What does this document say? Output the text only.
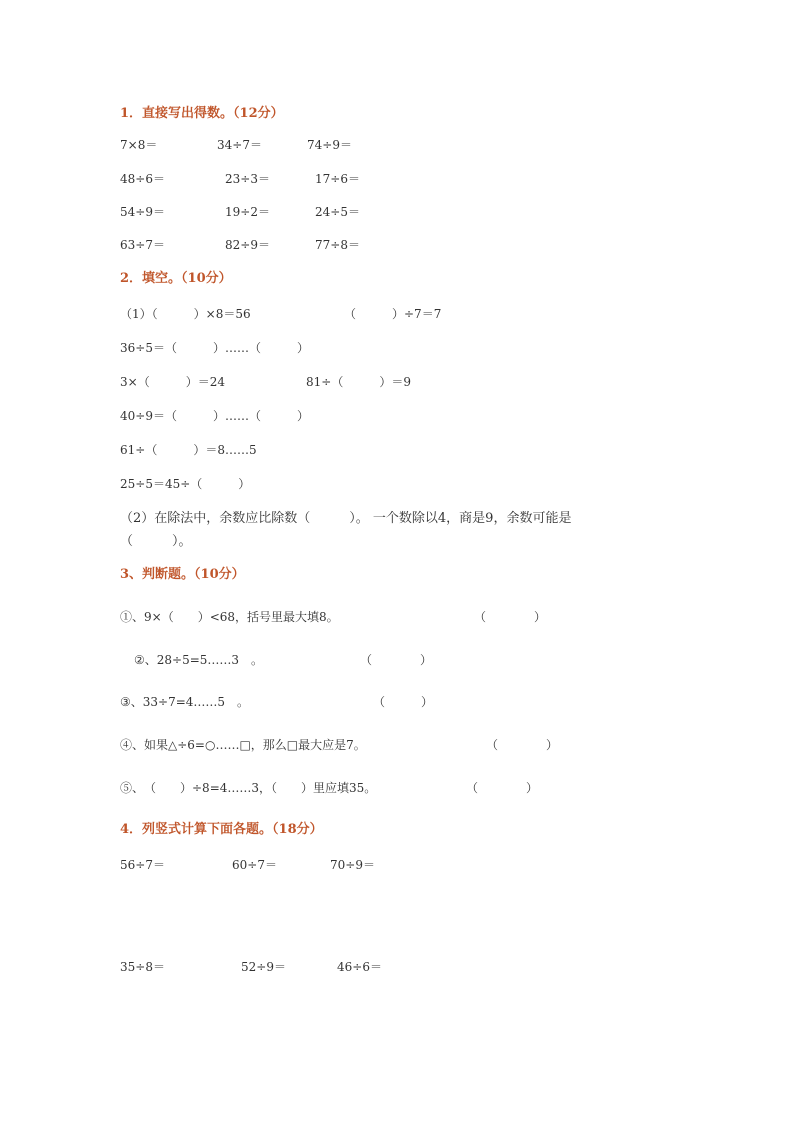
1．直接写出得数。（12分）
7×8＝	34÷7＝	74÷9＝
48÷6＝	23÷3＝	17÷6＝
54÷9＝	19÷2＝	24÷5＝
63÷7＝	82÷9＝	77÷8＝
2．填空。（10分）
（1）（　　　）×8＝56	（　　　）÷7＝7
36÷5＝（　　　）……（　　　）
3×（　　　）＝24	81÷（　　　）＝9
40÷9＝（　　　）……（　　　）
61÷（　　　）＝8……5
25÷5＝45÷（　　　）
（2）在除法中，余数应比除数（　　　）。 一个数除以4，商是9，余数可能是
（　　　）。
3、判断题。（10分）
①、9×（　　）<68，括号里最大填8。	（　　　　）
②、28÷5=5……3　。	（　　　　）
③、33÷7=4……5　。	（　　　）
④、如果△÷6=○……□，那么□最大应是7。	（　　　　）
⑤、　（　　）÷8=4……3，（　　）里应填35。	（　　　　）
4．列竖式计算下面各题。（18分）
56÷7＝	60÷7＝	70÷9＝
35÷8＝	52÷9＝	46÷6＝
